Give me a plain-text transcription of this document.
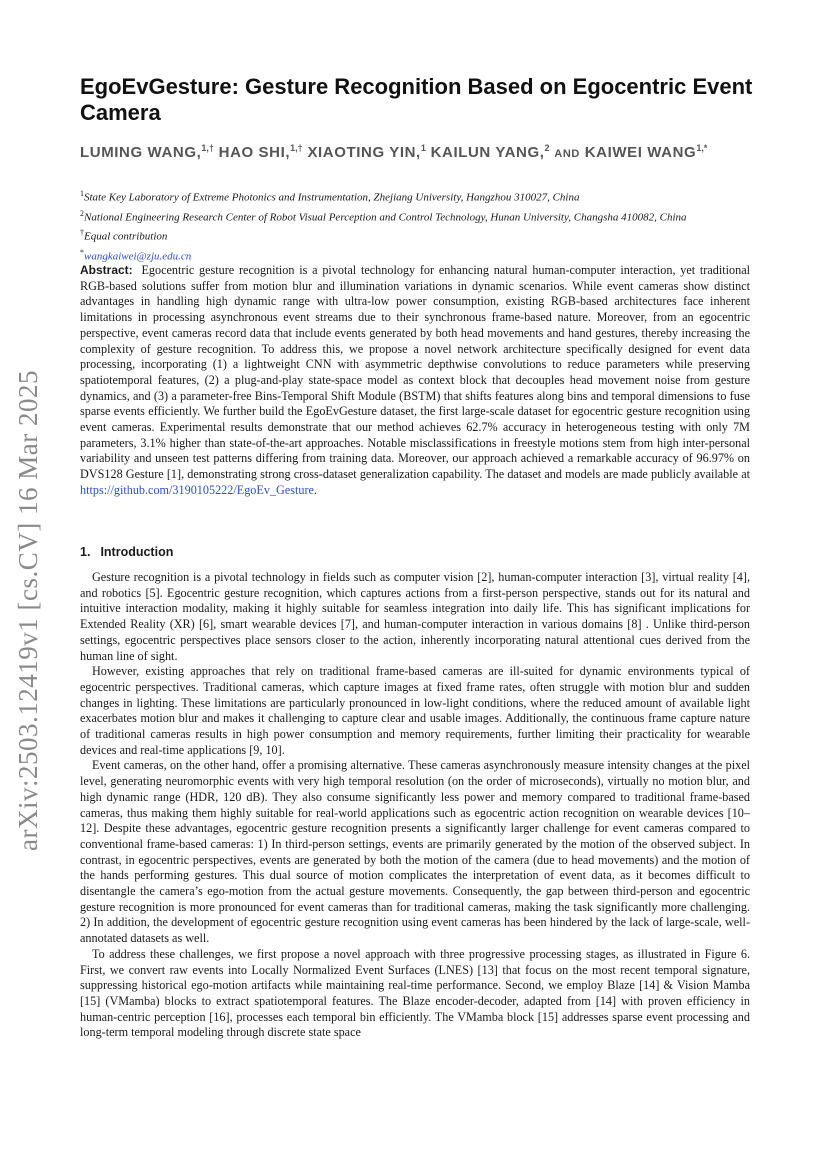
arXiv:2503.12419v1 [cs.CV] 16 Mar 2025
EgoEvGesture: Gesture Recognition Based on Egocentric Event Camera
LUMING WANG,$^{1,\dagger}$ HAO SHI,$^{1,\dagger}$ XIAOTING YIN,$^1$ KAILUN YANG,$^2$ AND KAIWEI $WANG^{1,*}$
$^1$State Key Laboratory of Extreme Photonics and Instrumentation, Zhejiang University, Hangzhou 310027, China
$^2$National Engineering Research Center of Robot Visual Perception and Control Technology, Hunan University, Changsha 410082, China
†Equal contribution
*wangkaiwei@zju.edu.cn

Abstract: Egocentric gesture recognition is a pivotal technology for enhancing natural human-computer interaction, yet traditional RGB-based solutions suffer from motion blur and illumination variations in dynamic scenarios. While event cameras show distinct advantages in handling high dynamic range with ultra-low power consumption, existing RGB-based architectures face inherent limitations in processing asynchronous event streams due to their synchronous frame-based nature. Moreover, from an egocentric perspective, event cameras record data that include events generated by both head movements and hand gestures, thereby increasing the complexity of gesture recognition. To address this, we propose a novel network architecture specifically designed for event data processing, incorporating (1) a lightweight CNN with asymmetric depthwise convolutions to reduce parameters while preserving spatiotemporal features, (2) a plug-and-play state-space model as context block that decouples head movement noise from gesture dynamics, and (3) a parameter-free Bins-Temporal Shift Module (BSTM) that shifts features along bins and temporal dimensions to fuse sparse events efficiently. We further build the EgoEvGesture dataset, the first large-scale dataset for egocentric gesture recognition using event cameras. Experimental results demonstrate that our method achieves 62.7% accuracy in heterogeneous testing with only 7M parameters, 3.1% higher than state-of-the-art approaches. Notable misclassifications in freestyle motions stem from high inter-personal variability and unseen test patterns differing from training data. Moreover, our approach achieved a remarkable accuracy of 96.97% on DVS128 Gesture [1], demonstrating strong cross-dataset generalization capability. The dataset and models are made publicly available at https://github.com/3190105222/EgoEv_Gesture.

1. Introduction

Gesture recognition is a pivotal technology in fields such as computer vision [2], human-computer interaction [3], virtual reality [4], and robotics [5]. Egocentric gesture recognition, which captures actions from a first-person perspective, stands out for its natural and intuitive interaction modality, making it highly suitable for seamless integration into daily life. This has significant implications for Extended Reality (XR) [6], smart wearable devices [7], and human-computer interaction in various domains [8] . Unlike third-person settings, egocentric perspectives place sensors closer to the action, inherently incorporating natural attentional cues derived from the human line of sight.

However, existing approaches that rely on traditional frame-based cameras are ill-suited for dynamic environments typical of egocentric perspectives. Traditional cameras, which capture images at fixed frame rates, often struggle with motion blur and sudden changes in lighting. These limitations are particularly pronounced in low-light conditions, where the reduced amount of available light exacerbates motion blur and makes it challenging to capture clear and usable images. Additionally, the continuous frame capture nature of traditional cameras results in high power consumption and memory requirements, further limiting their practicality for wearable devices and real-time applications [9, 10].

Event cameras, on the other hand, offer a promising alternative. These cameras asynchronously measure intensity changes at the pixel level, generating neuromorphic events with very high temporal resolution (on the order of microseconds), virtually no motion blur, and high dynamic range (HDR, 120 dB). They also consume significantly less power and memory compared to traditional frame-based cameras, thus making them highly suitable for real-world applications such as egocentric action recognition on wearable devices [10–12]. Despite these advantages, egocentric gesture recognition presents a significantly larger challenge for event cameras compared to conventional frame-based cameras: 1) In third-person settings, events are primarily generated by the motion of the observed subject. In contrast, in egocentric perspectives, events are generated by both the motion of the camera (due to head movements) and the motion of the hands performing gestures. This dual source of motion complicates the interpretation of event data, as it becomes difficult to disentangle the camera’s ego-motion from the actual gesture movements. Consequently, the gap between third-person and egocentric gesture recognition is more pronounced for event cameras than for traditional cameras, making the task significantly more challenging. 2) In addition, the development of egocentric gesture recognition using event cameras has been hindered by the lack of large-scale, well-annotated datasets as well.

To address these challenges, we first propose a novel approach with three progressive processing stages, as illustrated in Figure 6. First, we convert raw events into Locally Normalized Event Surfaces (LNES) [13] that focus on the most recent temporal signature, suppressing historical ego-motion artifacts while maintaining real-time performance. Second, we employ Blaze [14] & Vision Mamba [15] (VMamba) blocks to extract spatiotemporal features. The Blaze encoder-decoder, adapted from [14] with proven efficiency in human-centric perception [16], processes each temporal bin efficiently. The VMamba block [15] addresses sparse event processing and long-term temporal modeling through discrete state space
